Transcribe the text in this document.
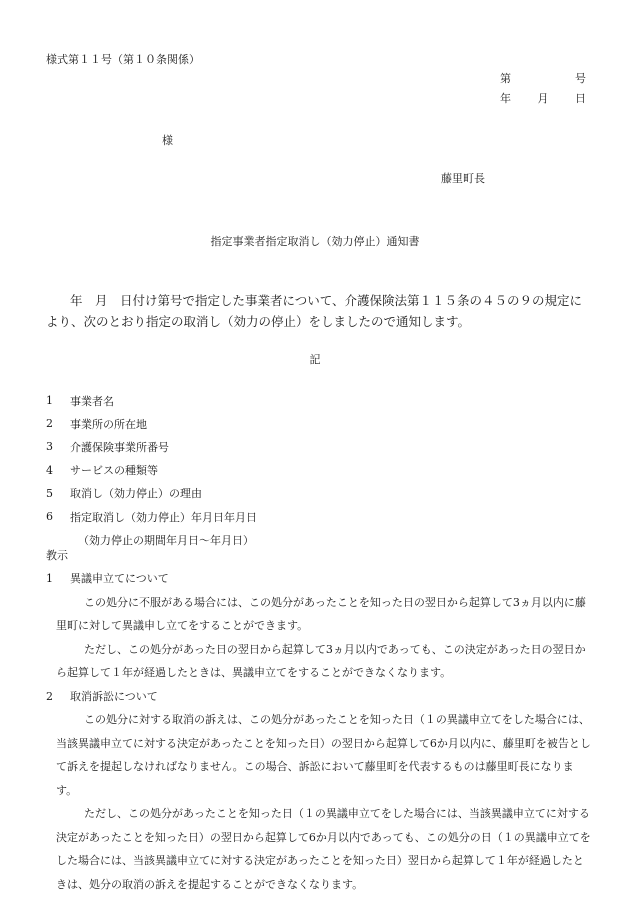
様式第１１号（第１０条関係）
第	号
年 月 日
様
藤里町長
指定事業者指定取消し（効力停止）通知書

年　月　日付け第号で指定した事業者について、介護保険法第１１５条の４５の９の規定により、次のとおり指定の取消し（効力の停止）をしましたので通知します。

記
1	事業者名
2	事業所の所在地
3	介護保険事業所番号
4	サービスの種類等
5	取消し（効力停止）の理由
6	指定取消し（効力停止）年月日年月日
（効力停止の期間年月日～年月日）
教示
1	異議申立てについて

この処分に不服がある場合には、この処分があったことを知った日の翌日から起算して3ヵ月以内に藤里町に対して異議申し立てをすることができます。

ただし、この処分があった日の翌日から起算して3ヵ月以内であっても、この決定があった日の翌日から起算して１年が経過したときは、異議申立てをすることができなくなります。

2	取消訴訟について

この処分に対する取消の訴えは、この処分があったことを知った日（１の異議申立てをした場合には、当該異議申立てに対する決定があったことを知った日）の翌日から起算して6か月以内に、藤里町を被告として訴えを提起しなければなりません。この場合、訴訟において藤里町を代表するものは藤里町長になります。

ただし、この処分があったことを知った日（１の異議申立てをした場合には、当該異議申立てに対する決定があったことを知った日）の翌日から起算して6か月以内であっても、この処分の日（１の異議申立てをした場合には、当該異議申立てに対する決定があったことを知った日）翌日から起算して１年が経過したときは、処分の取消の訴えを提起することができなくなります。
